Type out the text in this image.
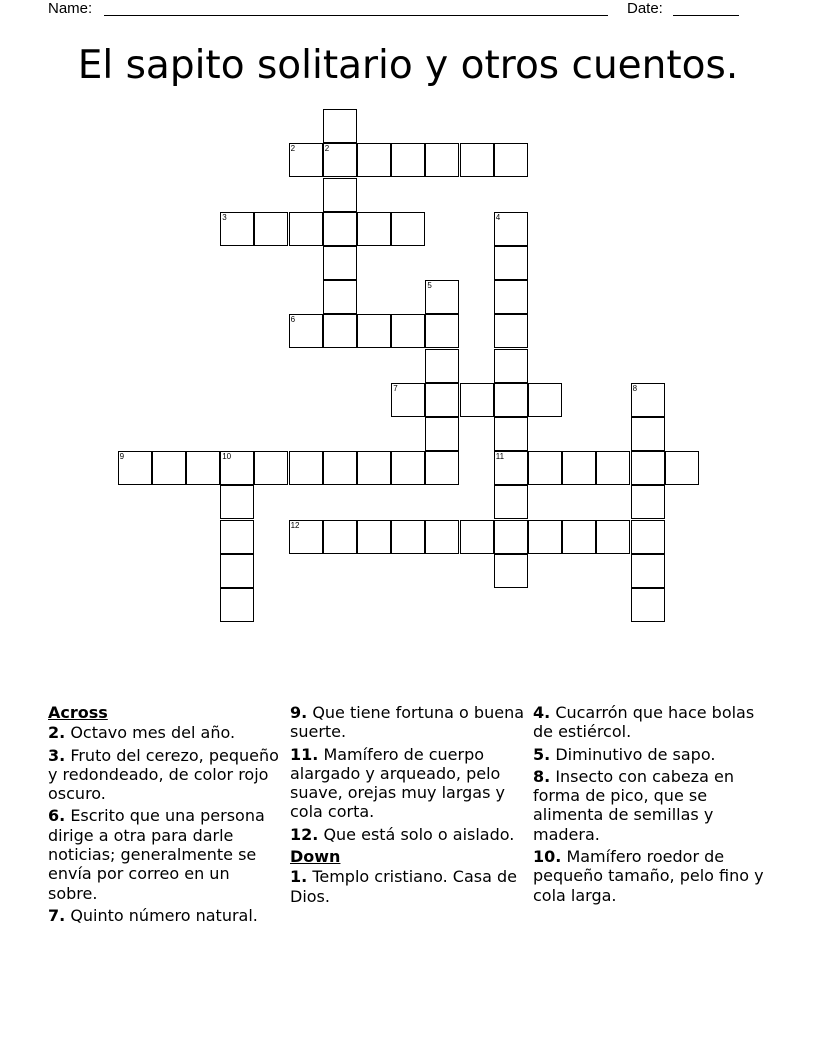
Name:	Date:
El sapito solitario y otros cuentos.
2
2
3	4
5
6
7	8
9	10	11
12
Across
2. Octavo mes del año.
3. Fruto del cerezo, pequeño y redondeado, de color rojo oscuro.
6. Escrito que una persona dirige a otra para darle noticias; generalmente se envía por correo en un sobre.
7. Quinto número natural.
9. Que tiene fortuna o buena suerte.
11. Mamífero de cuerpo alargado y arqueado, pelo suave, orejas muy largas y cola corta.
12. Que está solo o aislado.
Down
1. Templo cristiano. Casa de Dios.
4. Cucarrón que hace bolas de estiércol.
5. Diminutivo de sapo.
8. Insecto con cabeza en forma de pico, que se alimenta de semillas y madera.
10. Mamífero roedor de pequeño tamaño, pelo fino y cola larga.
